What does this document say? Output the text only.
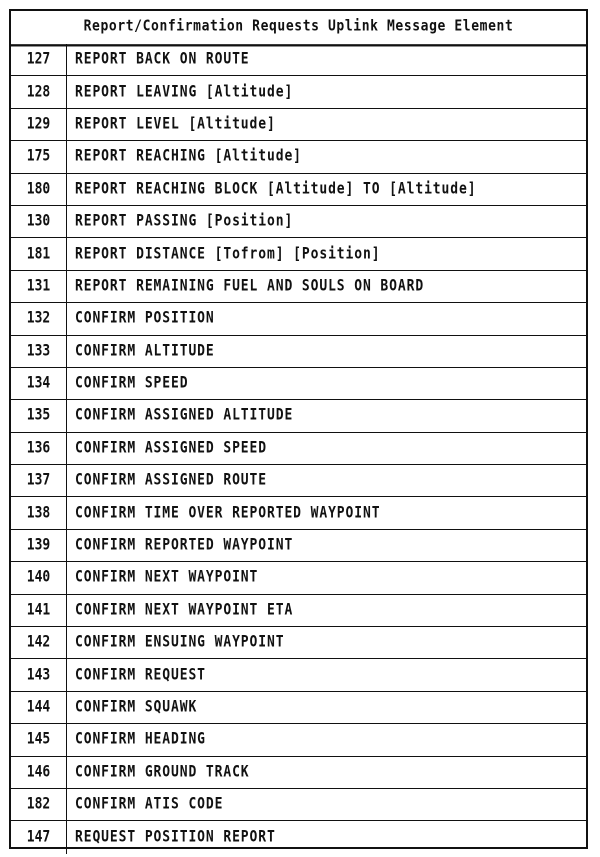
Report/Confirmation Requests Uplink Message Element
127 REPORT BACK ON ROUTE
128 REPORT LEAVING [Altitude]
129 REPORT LEVEL [Altitude]
175 REPORT REACHING [Altitude]
180 REPORT REACHING BLOCK [Altitude] TO [Altitude]
130 REPORT PASSING [Position]
181 REPORT DISTANCE [Tofrom] [Position]
131 REPORT REMAINING FUEL AND SOULS ON BOARD
132 CONFIRM POSITION
133 CONFIRM ALTITUDE
134 CONFIRM SPEED
135 CONFIRM ASSIGNED ALTITUDE
136 CONFIRM ASSIGNED SPEED
137 CONFIRM ASSIGNED ROUTE
138 CONFIRM TIME OVER REPORTED WAYPOINT
139 CONFIRM REPORTED WAYPOINT
140 CONFIRM NEXT WAYPOINT
141 CONFIRM NEXT WAYPOINT ETA
142 CONFIRM ENSUING WAYPOINT
143 CONFIRM REQUEST
144 CONFIRM SQUAWK
145 CONFIRM HEADING
146 CONFIRM GROUND TRACK
182 CONFIRM ATIS CODE
147 REQUEST POSITION REPORT
